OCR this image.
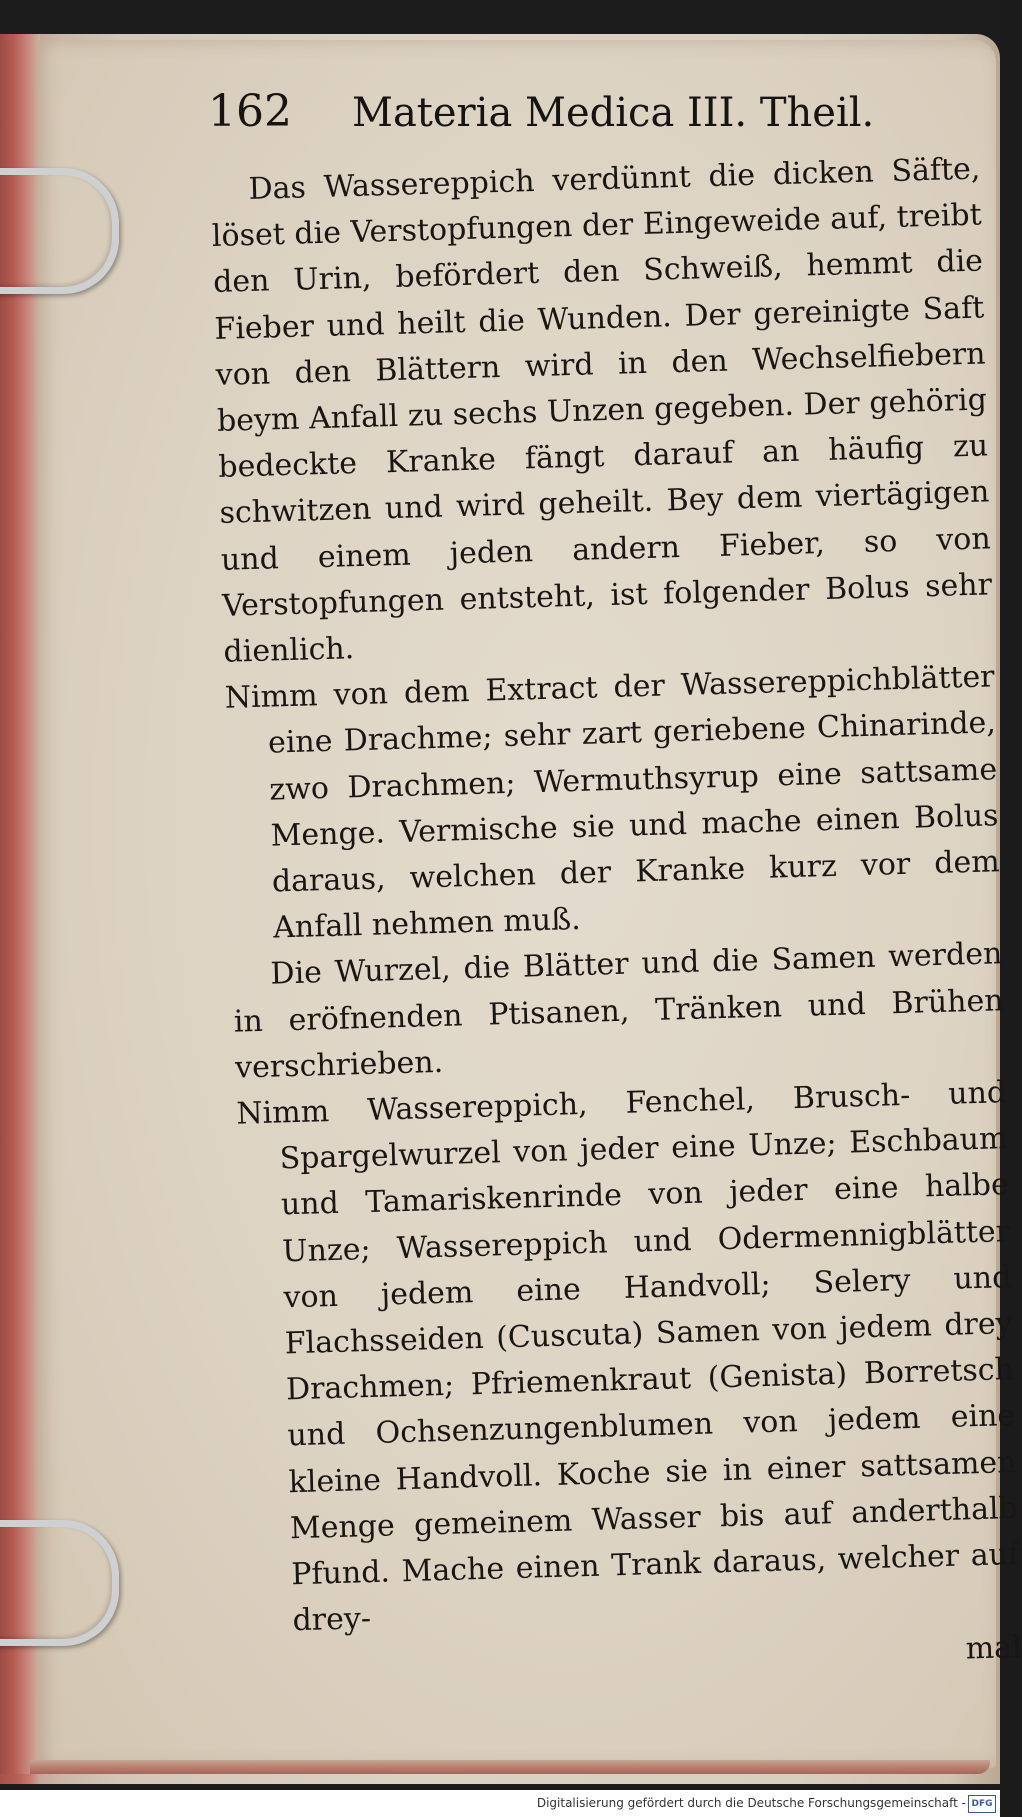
162 Materia Medica III. Theil.

Das Wassereppich verdünnt die dicken Säfte, löset die Verstopfungen der Eingeweide auf, treibt den Urin, befördert den Schweiß, hemmt die Fieber und heilt die Wunden. Der gereinigte Saft von den Blättern wird in den Wechselfiebern beym Anfall zu sechs Unzen gegeben. Der gehörig bedeckte Kranke fängt darauf an häufig zu schwitzen und wird geheilt. Bey dem viertägigen und einem jeden andern Fieber, so von Verstopfungen entsteht, ist folgender Bolus sehr dienlich.

Nimm von dem Extract der Wassereppichblätter eine Drachme; sehr zart geriebene Chinarinde, zwo Drachmen; Wermuthsyrup eine sattsame Menge. Vermische sie und mache einen Bolus daraus, welchen der Kranke kurz vor dem Anfall nehmen muß.

Die Wurzel, die Blätter und die Samen werden in eröfnenden Ptisanen, Tränken und Brühen verschrieben.

Nimm Wassereppich, Fenchel, Brusch- und Spargelwurzel von jeder eine Unze; Eschbaum und Tamariskenrinde von jeder eine halbe Unze; Wassereppich und Odermennigblätter von jedem eine Handvoll; Selery und Flachsseiden (Cuscuta) Samen von jedem drey Drachmen; Pfriemenkraut (Genista) Borretsch und Ochsenzungenblumen von jedem eine kleine Handvoll. Koche sie in einer sattsamen Menge gemeinem Wasser bis auf anderthalb Pfund. Mache einen Trank daraus, welcher auf drey-

mal

Digitalisierung gefördert durch die Deutsche Forschungsgemeinschaft - DFG
